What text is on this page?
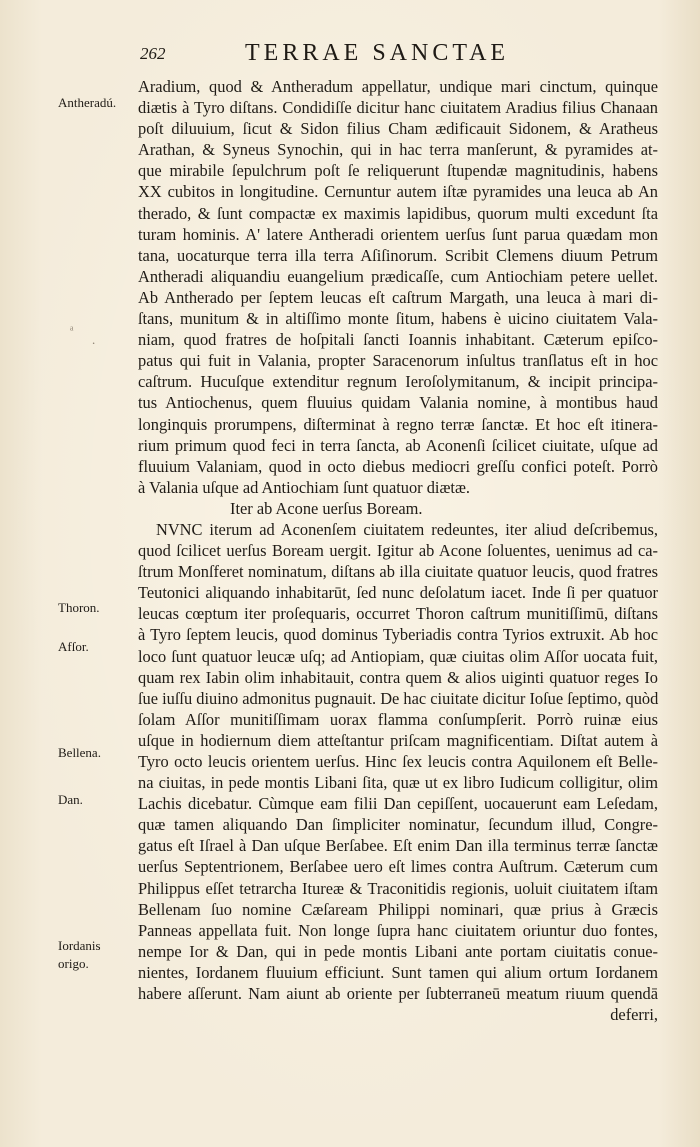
262	TERRAE SANCTAE
Antheradú.
ᵃ
.
Thoron.
Afſor.
Bellena.
Dan.
Iordanis
origo.
Aradium, quod & Antheradum appellatur, undique mari cinctum, quinque
diætis à Tyro diſtans. Condidiſſe dicitur hanc ciuitatem Aradius filius Chanaan
poſt diluuium, ſicut & Sidon filius Cham ædificauit Sidonem, & Aratheus
Arathan, & Syneus Synochin, qui in hac terra manſerunt, & pyramides at-
que mirabile ſepulchrum poſt ſe reliquerunt ſtupendæ magnitudinis, habens
XX cubitos in longitudine. Cernuntur autem iſtæ pyramides una leuca ab An
therado, & ſunt compactæ ex maximis lapidibus, quorum multi excedunt ſta
turam hominis. A' latere Antheradi orientem uerſus ſunt parua quædam mon
tana, uocaturque terra illa terra Aſiſinorum. Scribit Clemens diuum Petrum
Antheradi aliquandiu euangelium prædicaſſe, cum Antiochiam petere uellet.
Ab Antherado per ſeptem leucas eſt caſtrum Margath, una leuca à mari di-
ſtans, munitum & in altiſſimo monte ſitum, habens è uicino ciuitatem Vala-
niam, quod fratres de hoſpitali ſancti Ioannis inhabitant. Cæterum epiſco-
patus qui fuit in Valania, propter Saracenorum inſultus tranſlatus eſt in hoc
caſtrum. Hucuſque extenditur regnum Ieroſolymitanum, & incipit principa-
tus Antiochenus, quem fluuius quidam Valania nomine, à montibus haud
longinquis prorumpens, diſterminat à regno terræ ſanctæ. Et hoc eſt itinera-
rium primum quod feci in terra ſancta, ab Aconenſi ſcilicet ciuitate, uſque ad
fluuium Valaniam, quod in octo diebus mediocri greſſu confici poteſt. Porrò
à Valania uſque ad Antiochiam ſunt quatuor diætæ.
Iter ab Acone uerſus Boream.
NVNC iterum ad Aconenſem ciuitatem redeuntes, iter aliud deſcribemus,
quod ſcilicet uerſus Boream uergit. Igitur ab Acone ſoluentes, uenimus ad ca-
ſtrum Monſferet nominatum, diſtans ab illa ciuitate quatuor leucis, quod fratres
Teutonici aliquando inhabitarūt, ſed nunc deſolatum iacet. Inde ſi per quatuor
leucas cœptum iter proſequaris, occurret Thoron caſtrum munitiſſimū, diſtans
à Tyro ſeptem leucis, quod dominus Tyberiadis contra Tyrios extruxit. Ab hoc
loco ſunt quatuor leucæ uſq; ad Antiopiam, quæ ciuitas olim Aſſor uocata fuit,
quam rex Iabin olim inhabitauit, contra quem & alios uiginti quatuor reges Io
ſue iuſſu diuino admonitus pugnauit. De hac ciuitate dicitur Ioſue ſeptimo, quòd
ſolam Aſſor munitiſſimam uorax flamma conſumpſerit. Porrò ruinæ eius
uſque in hodiernum diem atteſtantur priſcam magnificentiam. Diſtat autem à
Tyro octo leucis orientem uerſus. Hinc ſex leucis contra Aquilonem eſt Belle-
na ciuitas, in pede montis Libani ſita, quæ ut ex libro Iudicum colligitur, olim
Lachis dicebatur. Cùmque eam filii Dan cepiſſent, uocauerunt eam Leſedam,
quæ tamen aliquando Dan ſimpliciter nominatur, ſecundum illud, Congre-
gatus eſt Iſrael à Dan uſque Berſabee. Eſt enim Dan illa terminus terræ ſanctæ
uerſus Septentrionem, Berſabee uero eſt limes contra Auſtrum. Cæterum cum
Philippus eſſet tetrarcha Itureæ & Traconitidis regionis, uoluit ciuitatem iſtam
Bellenam ſuo nomine Cæſaream Philippi nominari, quæ prius à Græcis
Panneas appellata fuit. Non longe ſupra hanc ciuitatem oriuntur duo fontes,
nempe Ior & Dan, qui in pede montis Libani ante portam ciuitatis conue-
nientes, Iordanem fluuium efficiunt. Sunt tamen qui alium ortum Iordanem
habere aſſerunt. Nam aiunt ab oriente per ſubterraneū meatum riuum quendā
deferri,
